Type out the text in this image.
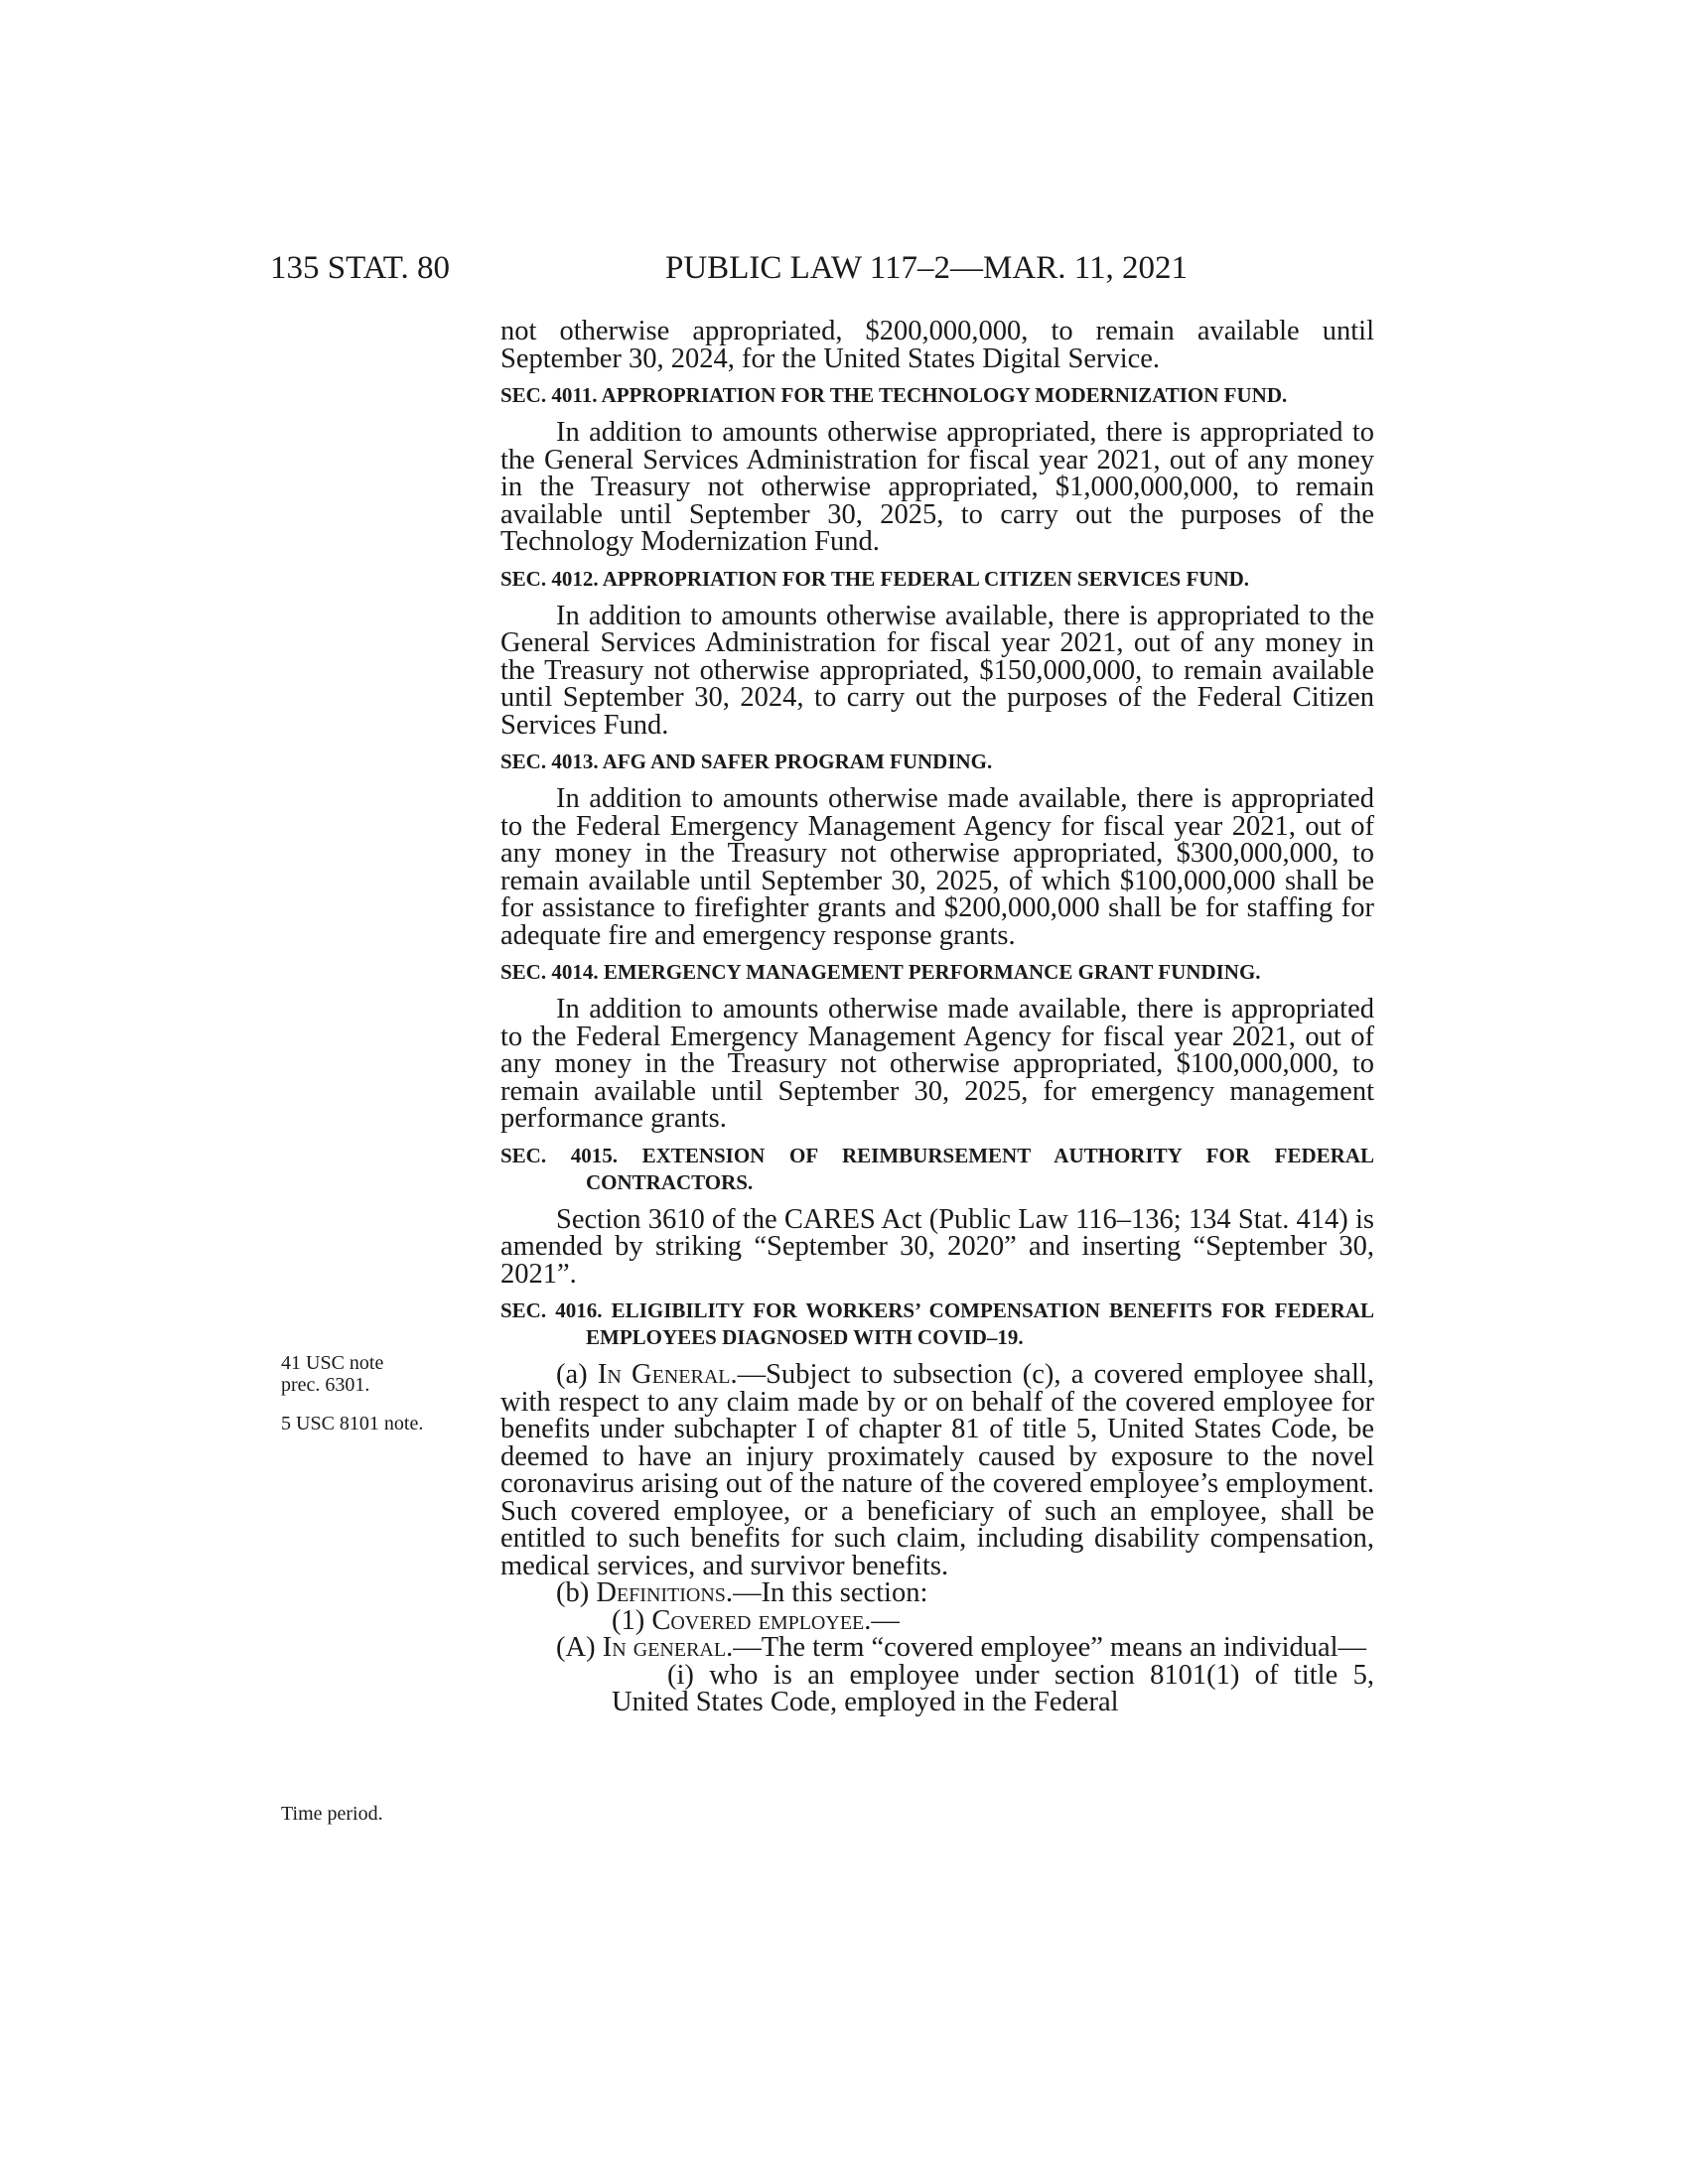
135 STAT. 80	PUBLIC LAW 117–2—MAR. 11, 2021
41 USC note
prec. 6301.
5 USC 8101 note.
Time period.

not otherwise appropriated, $200,000,000, to remain available until September 30, 2024, for the United States Digital Service.

SEC. 4011. APPROPRIATION FOR THE TECHNOLOGY MODERNIZATION FUND.

In addition to amounts otherwise appropriated, there is appropriated to the General Services Administration for fiscal year 2021, out of any money in the Treasury not otherwise appropriated, $1,000,000,000, to remain available until September 30, 2025, to carry out the purposes of the Technology Modernization Fund.

SEC. 4012. APPROPRIATION FOR THE FEDERAL CITIZEN SERVICES FUND.

In addition to amounts otherwise available, there is appropriated to the General Services Administration for fiscal year 2021, out of any money in the Treasury not otherwise appropriated, $150,000,000, to remain available until September 30, 2024, to carry out the purposes of the Federal Citizen Services Fund.

SEC. 4013. AFG AND SAFER PROGRAM FUNDING.

In addition to amounts otherwise made available, there is appropriated to the Federal Emergency Management Agency for fiscal year 2021, out of any money in the Treasury not otherwise appropriated, $300,000,000, to remain available until September 30, 2025, of which $100,000,000 shall be for assistance to firefighter grants and $200,000,000 shall be for staffing for adequate fire and emergency response grants.

SEC. 4014. EMERGENCY MANAGEMENT PERFORMANCE GRANT FUNDING.

In addition to amounts otherwise made available, there is appropriated to the Federal Emergency Management Agency for fiscal year 2021, out of any money in the Treasury not otherwise appropriated, $100,000,000, to remain available until September 30, 2025, for emergency management performance grants.

SEC. 4015. EXTENSION OF REIMBURSEMENT AUTHORITY FOR FEDERAL CONTRACTORS.

Section 3610 of the CARES Act (Public Law 116–136; 134 Stat. 414) is amended by striking “September 30, 2020” and inserting “September 30, 2021”.

SEC. 4016. ELIGIBILITY FOR WORKERS’ COMPENSATION BENEFITS FOR FEDERAL EMPLOYEES DIAGNOSED WITH COVID–19.

(a) In General.—Subject to subsection (c), a covered employee shall, with respect to any claim made by or on behalf of the covered employee for benefits under subchapter I of chapter 81 of title 5, United States Code, be deemed to have an injury proximately caused by exposure to the novel coronavirus arising out of the nature of the covered employee’s employment. Such covered employee, or a beneficiary of such an employee, shall be entitled to such benefits for such claim, including disability compensation, medical services, and survivor benefits.

(b) Definitions.—In this section:

(1) Covered employee.—

(A) In general.—The term “covered employee” means an individual—

(i) who is an employee under section 8101(1) of title 5, United States Code, employed in the Federal
